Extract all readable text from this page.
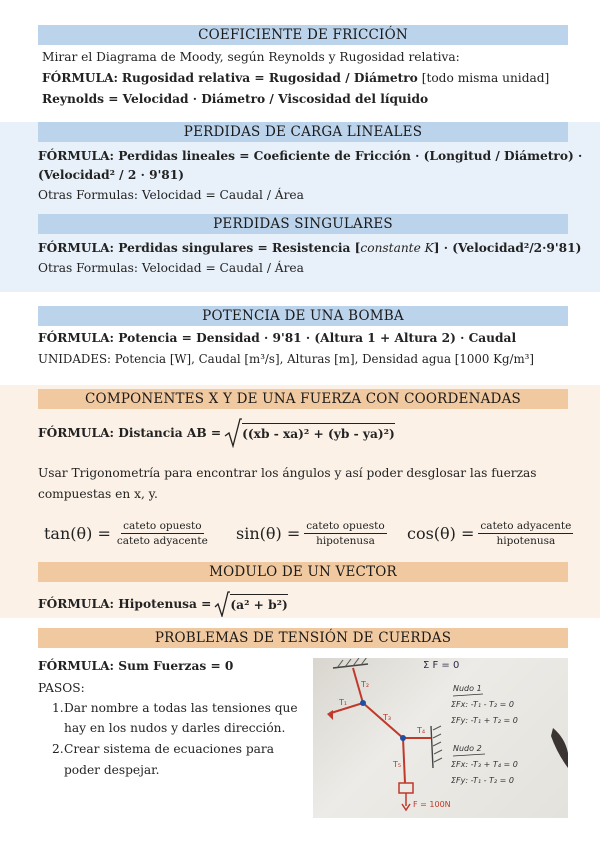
COEFICIENTE DE FRICCIÓN
Mirar el Diagrama de Moody, según Reynolds y Rugosidad relativa:
FÓRMULA: Rugosidad relativa = Rugosidad / Diámetro [todo misma unidad]
Reynolds = Velocidad · Diámetro / Viscosidad del líquido
PERDIDAS DE CARGA LINEALES
FÓRMULA: Perdidas lineales = Coeficiente de Fricción · (Longitud / Diámetro) ·
(Velocidad² / 2 · 9'81)
Otras Formulas: Velocidad = Caudal / Área
PERDIDAS SINGULARES
FÓRMULA: Perdidas singulares = Resistencia [constante K] · (Velocidad²/2·9'81)
Otras Formulas: Velocidad = Caudal / Área
POTENCIA DE UNA BOMBA
FÓRMULA: Potencia = Densidad · 9'81 · (Altura 1 + Altura 2) · Caudal
UNIDADES: Potencia [W], Caudal [m³/s], Alturas [m], Densidad agua [1000 Kg/m³]
COMPONENTES X Y DE UNA FUERZA CON COORDENADAS
FÓRMULA: Distancia AB = ((xb - xa)² + (yb - ya)²)
Usar Trigonometría para encontrar los ángulos y así poder desglosar las fuerzas
compuestas en x, y.
$\tan(\theta) = \frac{\text{cateto opuesto}}{\text{cateto adyacente}} \sin(\theta) = \frac{\text{cateto opuesto}}{\text{hipotenusa}} \cos(\theta) = \frac{\text{cateto adyacente}}{\text{hipotenusa}}$
MODULO DE UN VECTOR
FÓRMULA: Hipotenusa = (a² + b²)
PROBLEMAS DE TENSIÓN DE CUERDAS
FÓRMULA: Sum Fuerzas = 0
PASOS:
1. Dar nombre a todas las tensiones que
hay en los nudos y darles dirección.
2. Crear sistema de ecuaciones para
poder despejar.
Σ F = 0
Nudo 1
ΣFx: -T₁ - T₂ = 0
ΣFy: -T₁ + T₂ = 0
Nudo 2
ΣFx: -T₃ + T₄ = 0
ΣFy: -T₁ - T₂ = 0
F = 100N
T₁
T₂
T₃
T₄
T₅
